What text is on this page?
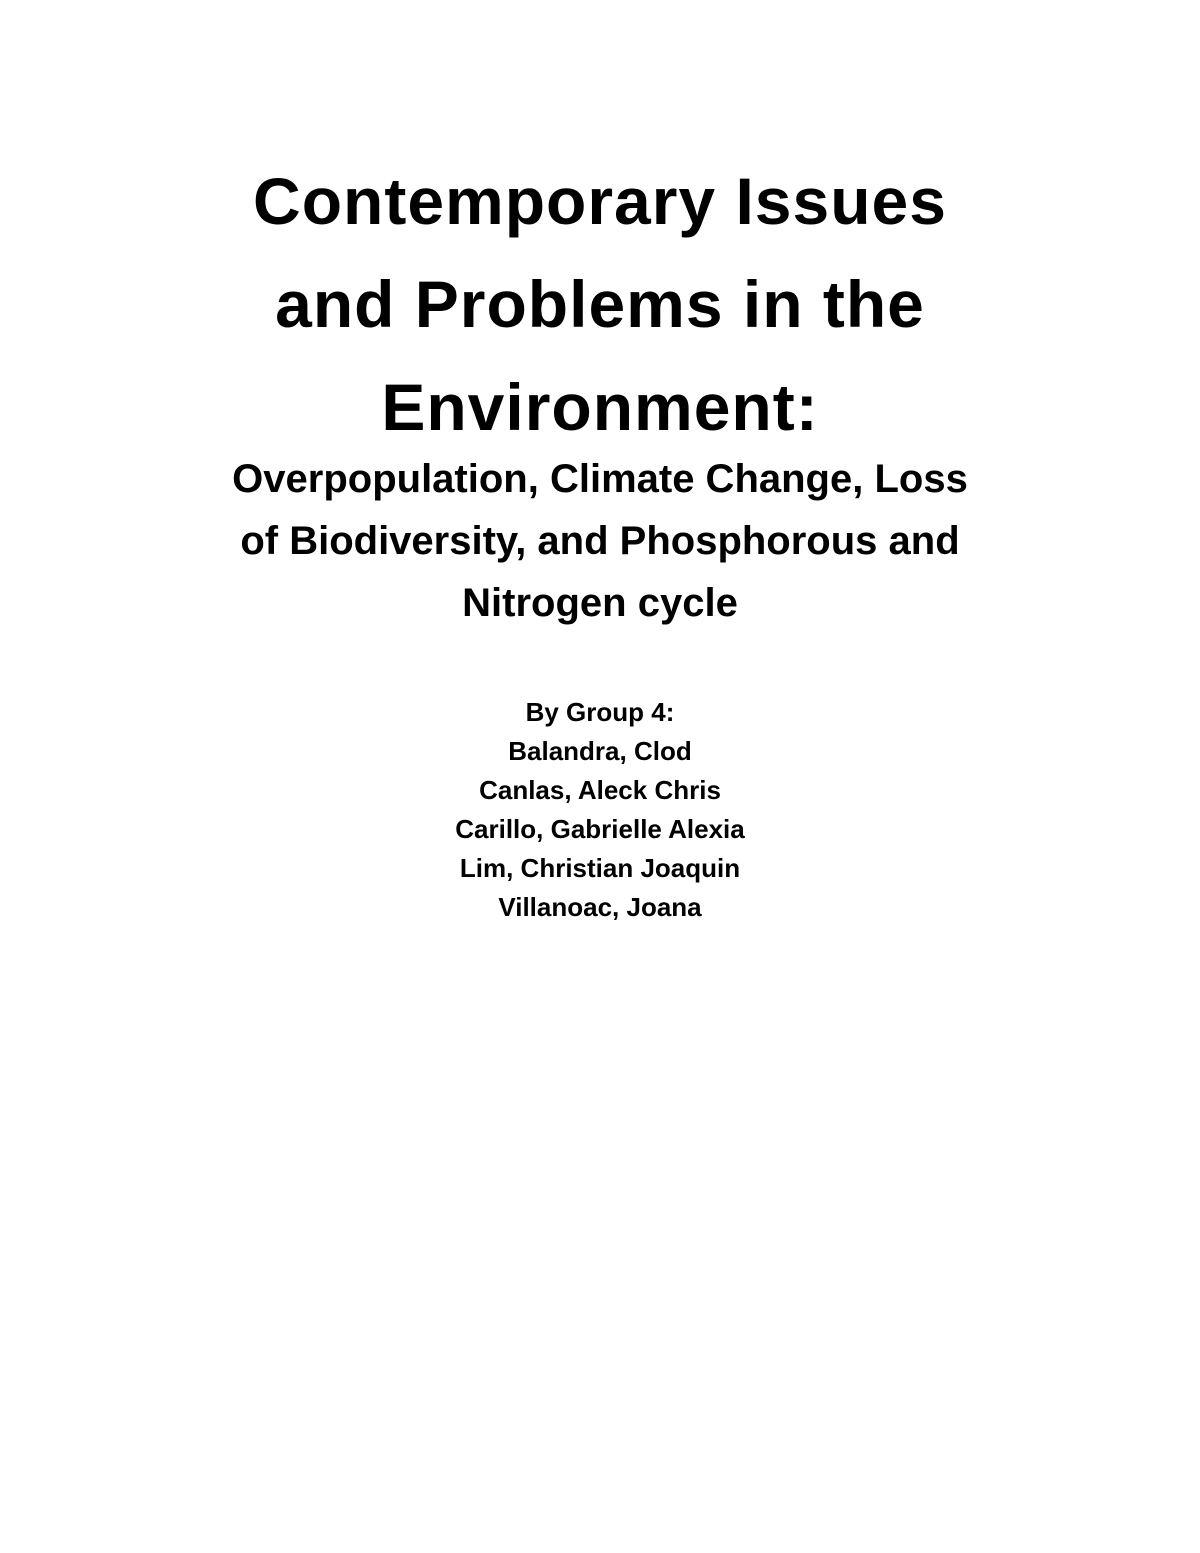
Contemporary Issues
and Problems in the
Environment:
Overpopulation, Climate Change, Loss
of Biodiversity, and Phosphorous and
Nitrogen cycle
By Group 4:
Balandra, Clod
Canlas, Aleck Chris
Carillo, Gabrielle Alexia
Lim, Christian Joaquin
Villanoac, Joana
